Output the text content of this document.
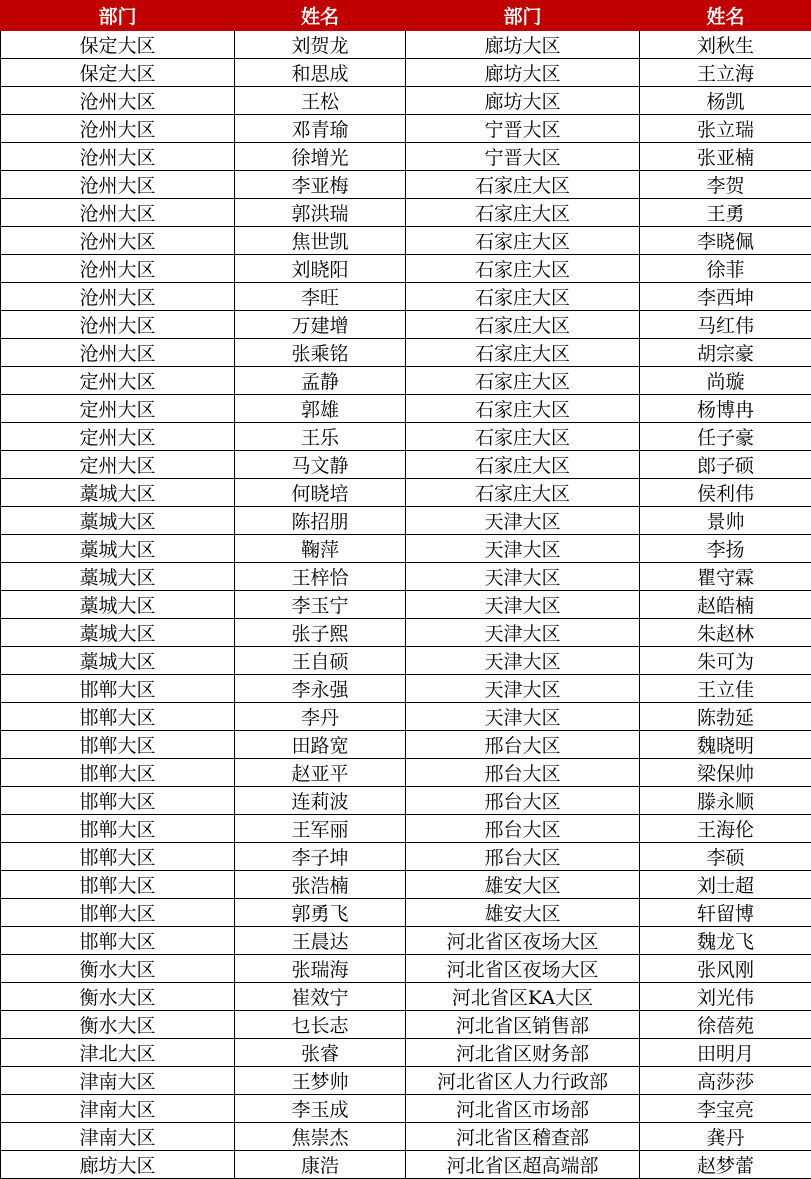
部门	姓名	部门	姓名
保定大区	刘贺龙	廊坊大区	刘秋生
保定大区	和思成	廊坊大区	王立海
沧州大区	王松	廊坊大区	杨凯
沧州大区	邓青瑜	宁晋大区	张立瑞
沧州大区	徐增光	宁晋大区	张亚楠
沧州大区	李亚梅	石家庄大区	李贺
沧州大区	郭洪瑞	石家庄大区	王勇
沧州大区	焦世凯	石家庄大区	李晓佩
沧州大区	刘晓阳	石家庄大区	徐菲
沧州大区	李旺	石家庄大区	李西坤
沧州大区	万建增	石家庄大区	马红伟
沧州大区	张乘铭	石家庄大区	胡宗豪
定州大区	孟静	石家庄大区	尚璇
定州大区	郭雄	石家庄大区	杨博冉
定州大区	王乐	石家庄大区	任子豪
定州大区	马文静	石家庄大区	郎子硕
藁城大区	何晓培	石家庄大区	侯利伟
藁城大区	陈招朋	天津大区	景帅
藁城大区	鞠萍	天津大区	李扬
藁城大区	王梓恰	天津大区	瞿守霖
藁城大区	李玉宁	天津大区	赵皓楠
藁城大区	张子熙	天津大区	朱赵林
藁城大区	王自硕	天津大区	朱可为
邯郸大区	李永强	天津大区	王立佳
邯郸大区	李丹	天津大区	陈勃延
邯郸大区	田路宽	邢台大区	魏晓明
邯郸大区	赵亚平	邢台大区	梁保帅
邯郸大区	连莉波	邢台大区	滕永顺
邯郸大区	王军丽	邢台大区	王海伦
邯郸大区	李子坤	邢台大区	李硕
邯郸大区	张浩楠	雄安大区	刘士超
邯郸大区	郭勇飞	雄安大区	轩留博
邯郸大区	王晨达	河北省区夜场大区	魏龙飞
衡水大区	张瑞海	河北省区夜场大区	张风刚
衡水大区	崔效宁	河北省区KA大区	刘光伟
衡水大区	乜长志	河北省区销售部	徐蓓苑
津北大区	张睿	河北省区财务部	田明月
津南大区	王梦帅	河北省区人力行政部	高莎莎
津南大区	李玉成	河北省区市场部	李宝亮
津南大区	焦崇杰	河北省区稽查部	龚丹
廊坊大区	康浩	河北省区超高端部	赵梦蕾
